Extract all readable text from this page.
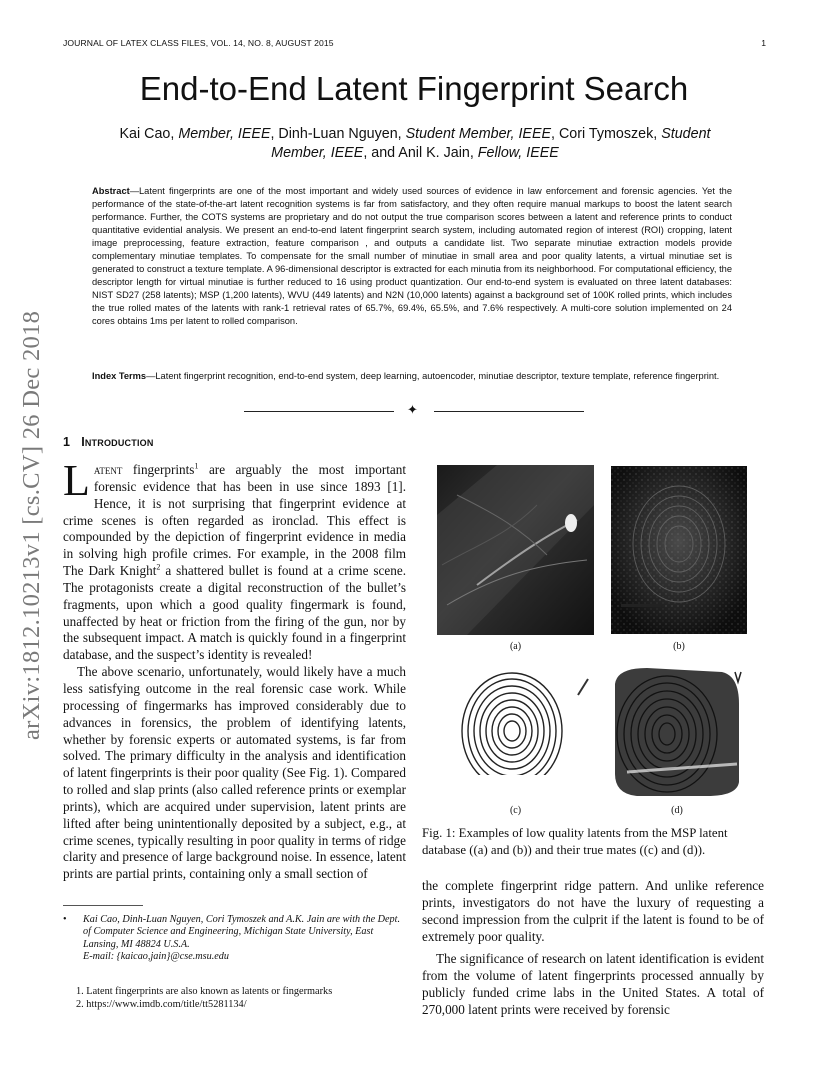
JOURNAL OF LATEX CLASS FILES, VOL. 14, NO. 8, AUGUST 2015	1
End-to-End Latent Fingerprint Search
Kai Cao, Member, IEEE, Dinh-Luan Nguyen, Student Member, IEEE, Cori Tymoszek, Student Member, IEEE, and Anil K. Jain, Fellow, IEEE
Abstract—Latent fingerprints are one of the most important and widely used sources of evidence in law enforcement and forensic agencies. Yet the performance of the state-of-the-art latent recognition systems is far from satisfactory, and they often require manual markups to boost the latent search performance. Further, the COTS systems are proprietary and do not output the true comparison scores between a latent and reference prints to conduct quantitative evidential analysis. We present an end-to-end latent fingerprint search system, including automated region of interest (ROI) cropping, latent image preprocessing, feature extraction, feature comparison , and outputs a candidate list. Two separate minutiae extraction models provide complementary minutiae templates. To compensate for the small number of minutiae in small area and poor quality latents, a virtual minutiae set is generated to construct a texture template. A 96-dimensional descriptor is extracted for each minutia from its neighborhood. For computational efficiency, the descriptor length for virtual minutiae is further reduced to 16 using product quantization. Our end-to-end system is evaluated on three latent databases: NIST SD27 (258 latents); MSP (1,200 latents), WVU (449 latents) and N2N (10,000 latents) against a background set of 100K rolled prints, which includes the true rolled mates of the latents with rank-1 retrieval rates of 65.7%, 69.4%, 65.5%, and 7.6% respectively. A multi-core solution implemented on 24 cores obtains 1ms per latent to rolled comparison.
Index Terms—Latent fingerprint recognition, end-to-end system, deep learning, autoencoder, minutiae descriptor, texture template, reference fingerprint.
✦
arXiv:1812.10213v1 [cs.CV] 26 Dec 2018 1 Introduction

Latent fingerprints$^1$ are arguably the most important forensic evidence that has been in use since 1893 [1]. Hence, it is not surprising that fingerprint evidence at crime scenes is often regarded as ironclad. This effect is compounded by the depiction of fingerprint evidence in media in solving high profile crimes. For example, in the 2008 film The Dark Knight$^2$ a shattered bullet is found at a crime scene. The protagonists create a digital reconstruction of the bullet’s fragments, upon which a good quality fingermark is found, unaffected by heat or friction from the firing of the gun, nor by the subsequent impact. A match is quickly found in a fingerprint database, and the suspect’s identity is revealed!

The above scenario, unfortunately, would likely have a much less satisfying outcome in the real forensic case work. While processing of fingermarks has improved considerably due to advances in forensics, the problem of identifying latents, whether by forensic experts or automated systems, is far from solved. The primary difficulty in the analysis and identification of latent fingerprints is their poor quality (See Fig. 1). Compared to rolled and slap prints (also called reference prints or exemplar prints), which are acquired under supervision, latent prints are lifted after being unintentionally deposited by a subject, e.g., at crime scenes, typically resulting in poor quality in terms of ridge clarity and presence of large background noise. In essence, latent prints are partial prints, containing only a small section of

• Kai Cao, Dinh-Luan Nguyen, Cori Tymoszek and A.K. Jain are with the Dept. of Computer Science and Engineering, Michigan State University, East Lansing, MI 48824 U.S.A.
E-mail: {kaicao,jain}@cse.msu.edu
1. Latent fingerprints are also known as latents or fingermarks
2. https://www.imdb.com/title/tt5281134/
(a)	(b)
(c)	(d)
Fig. 1: Examples of low quality latents from the MSP latent database ((a) and (b)) and their true mates ((c) and (d)).

the complete fingerprint ridge pattern. And unlike reference prints, investigators do not have the luxury of requesting a second impression from the culprit if the latent is found to be of extremely poor quality.

The significance of research on latent identification is evident from the volume of latent fingerprints processed annually by publicly funded crime labs in the United States. A total of 270,000 latent prints were received by forensic
